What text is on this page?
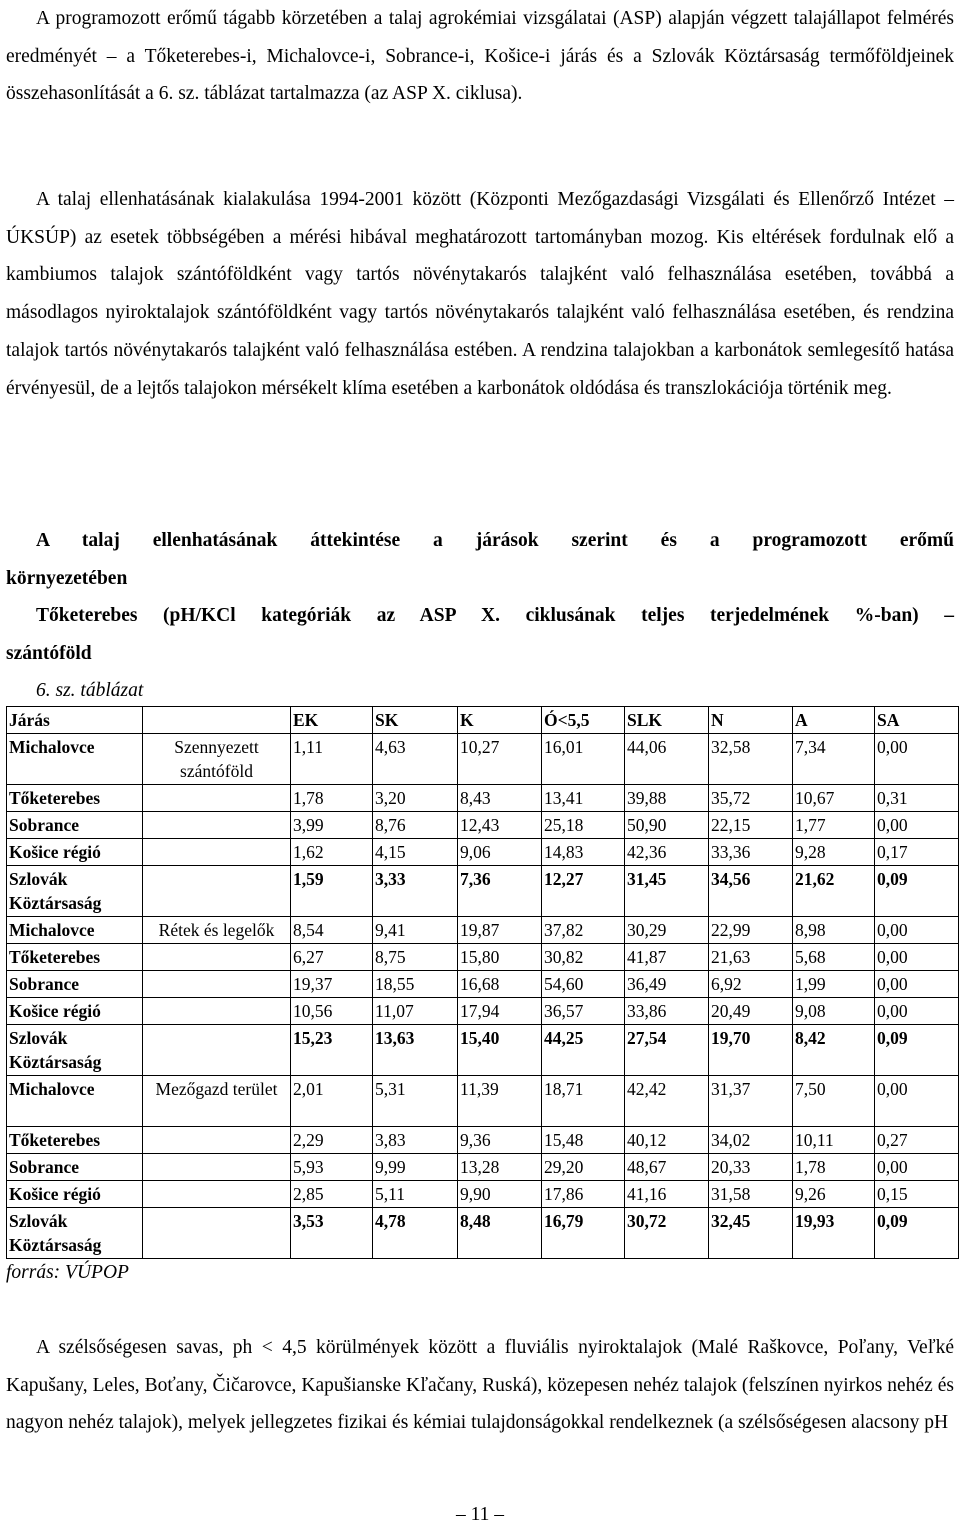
A programozott erőmű tágabb körzetében a talaj agrokémiai vizsgálatai (ASP) alapján végzett talajállapot felmérés eredményét – a Tőketerebes-i, Michalovce-i, Sobrance-i, Košice-i járás és a Szlovák Köztársaság termőföldjeinek összehasonlítását a 6. sz. táblázat tartalmazza (az ASP X. ciklusa).

A talaj ellenhatásának kialakulása 1994-2001 között (Központi Mezőgazdasági Vizsgálati és Ellenőrző Intézet – ÚKSÚP) az esetek többségében a mérési hibával meghatározott tartományban mozog. Kis eltérések fordulnak elő a kambiumos talajok szántóföldként vagy tartós növénytakarós talajként való felhasználása esetében, továbbá a másodlagos nyiroktalajok szántóföldként vagy tartós növénytakarós talajként való felhasználása esetében, és rendzina talajok tartós növénytakarós talajként való felhasználása estében. A rendzina talajokban a karbonátok semlegesítő hatása érvényesül, de a lejtős talajokon mérsékelt klíma esetében a karbonátok oldódása és transzlokációja történik meg.

A talaj ellenhatásának áttekintése a járások szerint és a programozott erőmű
környezetében
Tőketerebes (pH/KCl kategóriák az ASP X. ciklusának teljes terjedelmének %-ban) –
szántóföld
6. sz. táblázat
Járás		EK	SK	K	Ó<5,5	SLK	N	A	SA
Michalovce	Szennyezett szántóföld	1,11	4,63	10,27	16,01	44,06	32,58	7,34	0,00
Tőketerebes		1,78	3,20	8,43	13,41	39,88	35,72	10,67	0,31
Sobrance		3,99	8,76	12,43	25,18	50,90	22,15	1,77	0,00
Košice régió		1,62	4,15	9,06	14,83	42,36	33,36	9,28	0,17
Szlovák Köztársaság		1,59	3,33	7,36	12,27	31,45	34,56	21,62	0,09
Michalovce	Rétek és legelők	8,54	9,41	19,87	37,82	30,29	22,99	8,98	0,00
Tőketerebes		6,27	8,75	15,80	30,82	41,87	21,63	5,68	0,00
Sobrance		19,37	18,55	16,68	54,60	36,49	6,92	1,99	0,00
Košice régió		10,56	11,07	17,94	36,57	33,86	20,49	9,08	0,00
Szlovák Köztársaság		15,23	13,63	15,40	44,25	27,54	19,70	8,42	0,09
Michalovce	Mezőgazd terület	2,01	5,31	11,39	18,71	42,42	31,37	7,50	0,00
Tőketerebes		2,29	3,83	9,36	15,48	40,12	34,02	10,11	0,27
Sobrance		5,93	9,99	13,28	29,20	48,67	20,33	1,78	0,00
Košice régió		2,85	5,11	9,90	17,86	41,16	31,58	9,26	0,15
Szlovák Köztársaság		3,53	4,78	8,48	16,79	30,72	32,45	19,93	0,09
forrás: VÚPOP

A szélsőségesen savas, ph < 4,5 körülmények között a fluviális nyiroktalajok (Malé Raškovce, Poľany, Veľké Kapušany, Leles, Boťany, Čičarovce, Kapušianske Kľačany, Ruská), közepesen nehéz talajok (felszínen nyirkos nehéz és nagyon nehéz talajok), melyek jellegzetes fizikai és kémiai tulajdonságokkal rendelkeznek (a szélsőségesen alacsony pH

– 11 –
